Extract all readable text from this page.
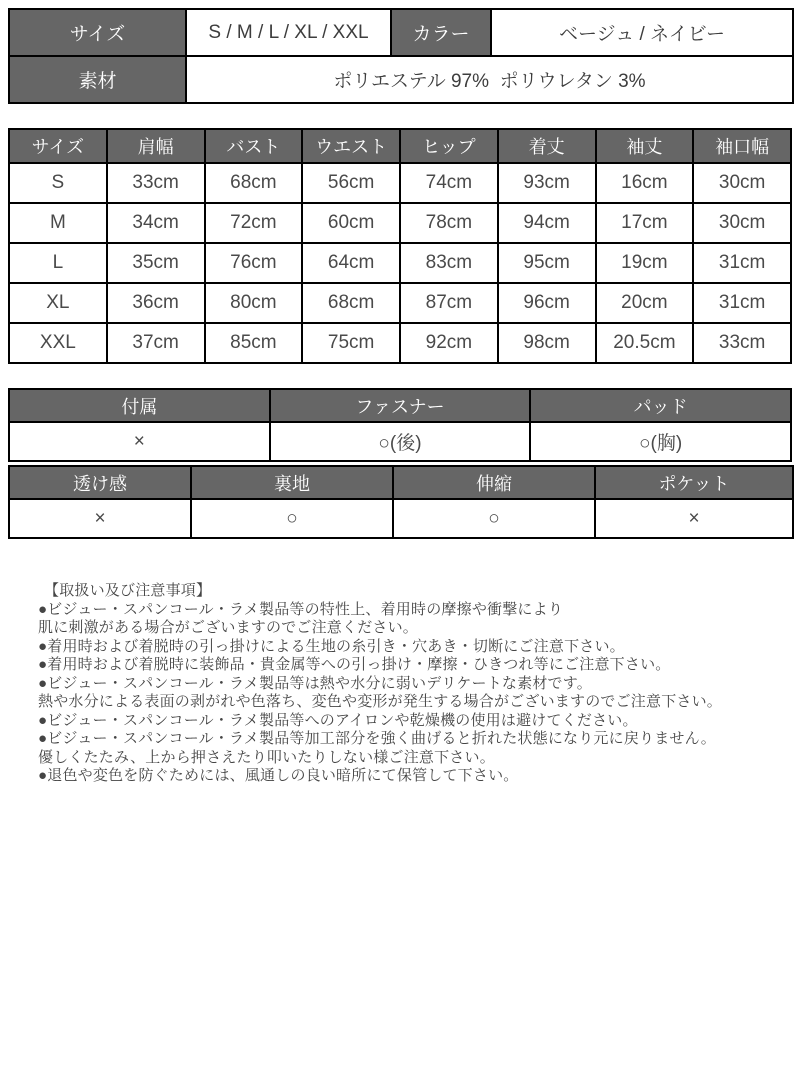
サイズ	S / M / L / XL / XXL	カラー	ベージュ / ネイビー
素材	ポリエステル 97%  ポリウレタン 3%		
サイズ	肩幅	バスト	ウエスト	ヒップ	着丈	袖丈	袖口幅
S	33cm	68cm	56cm	74cm	93cm	16cm	30cm
M	34cm	72cm	60cm	78cm	94cm	17cm	30cm
L	35cm	76cm	64cm	83cm	95cm	19cm	31cm
XL	36cm	80cm	68cm	87cm	96cm	20cm	31cm
XXL	37cm	85cm	75cm	92cm	98cm	20.5cm	33cm
付属	ファスナー	パッド
×	○(後)	○(胸)
透け感	裏地	伸縮	ポケット
×	○	○	×
【取扱い及び注意事項】
●ビジュー・スパンコール・ラメ製品等の特性上、着用時の摩擦や衝撃により
肌に刺激がある場合がございますのでご注意ください。
●着用時および着脱時の引っ掛けによる生地の糸引き・穴あき・切断にご注意下さい。
●着用時および着脱時に装飾品・貴金属等への引っ掛け・摩擦・ひきつれ等にご注意下さい。
●ビジュー・スパンコール・ラメ製品等は熱や水分に弱いデリケートな素材です。
熱や水分による表面の剥がれや色落ち、変色や変形が発生する場合がございますのでご注意下さい。
●ビジュー・スパンコール・ラメ製品等へのアイロンや乾燥機の使用は避けてください。
●ビジュー・スパンコール・ラメ製品等加工部分を強く曲げると折れた状態になり元に戻りません。
優しくたたみ、上から押さえたり叩いたりしない様ご注意下さい。
●退色や変色を防ぐためには、風通しの良い暗所にて保管して下さい。
